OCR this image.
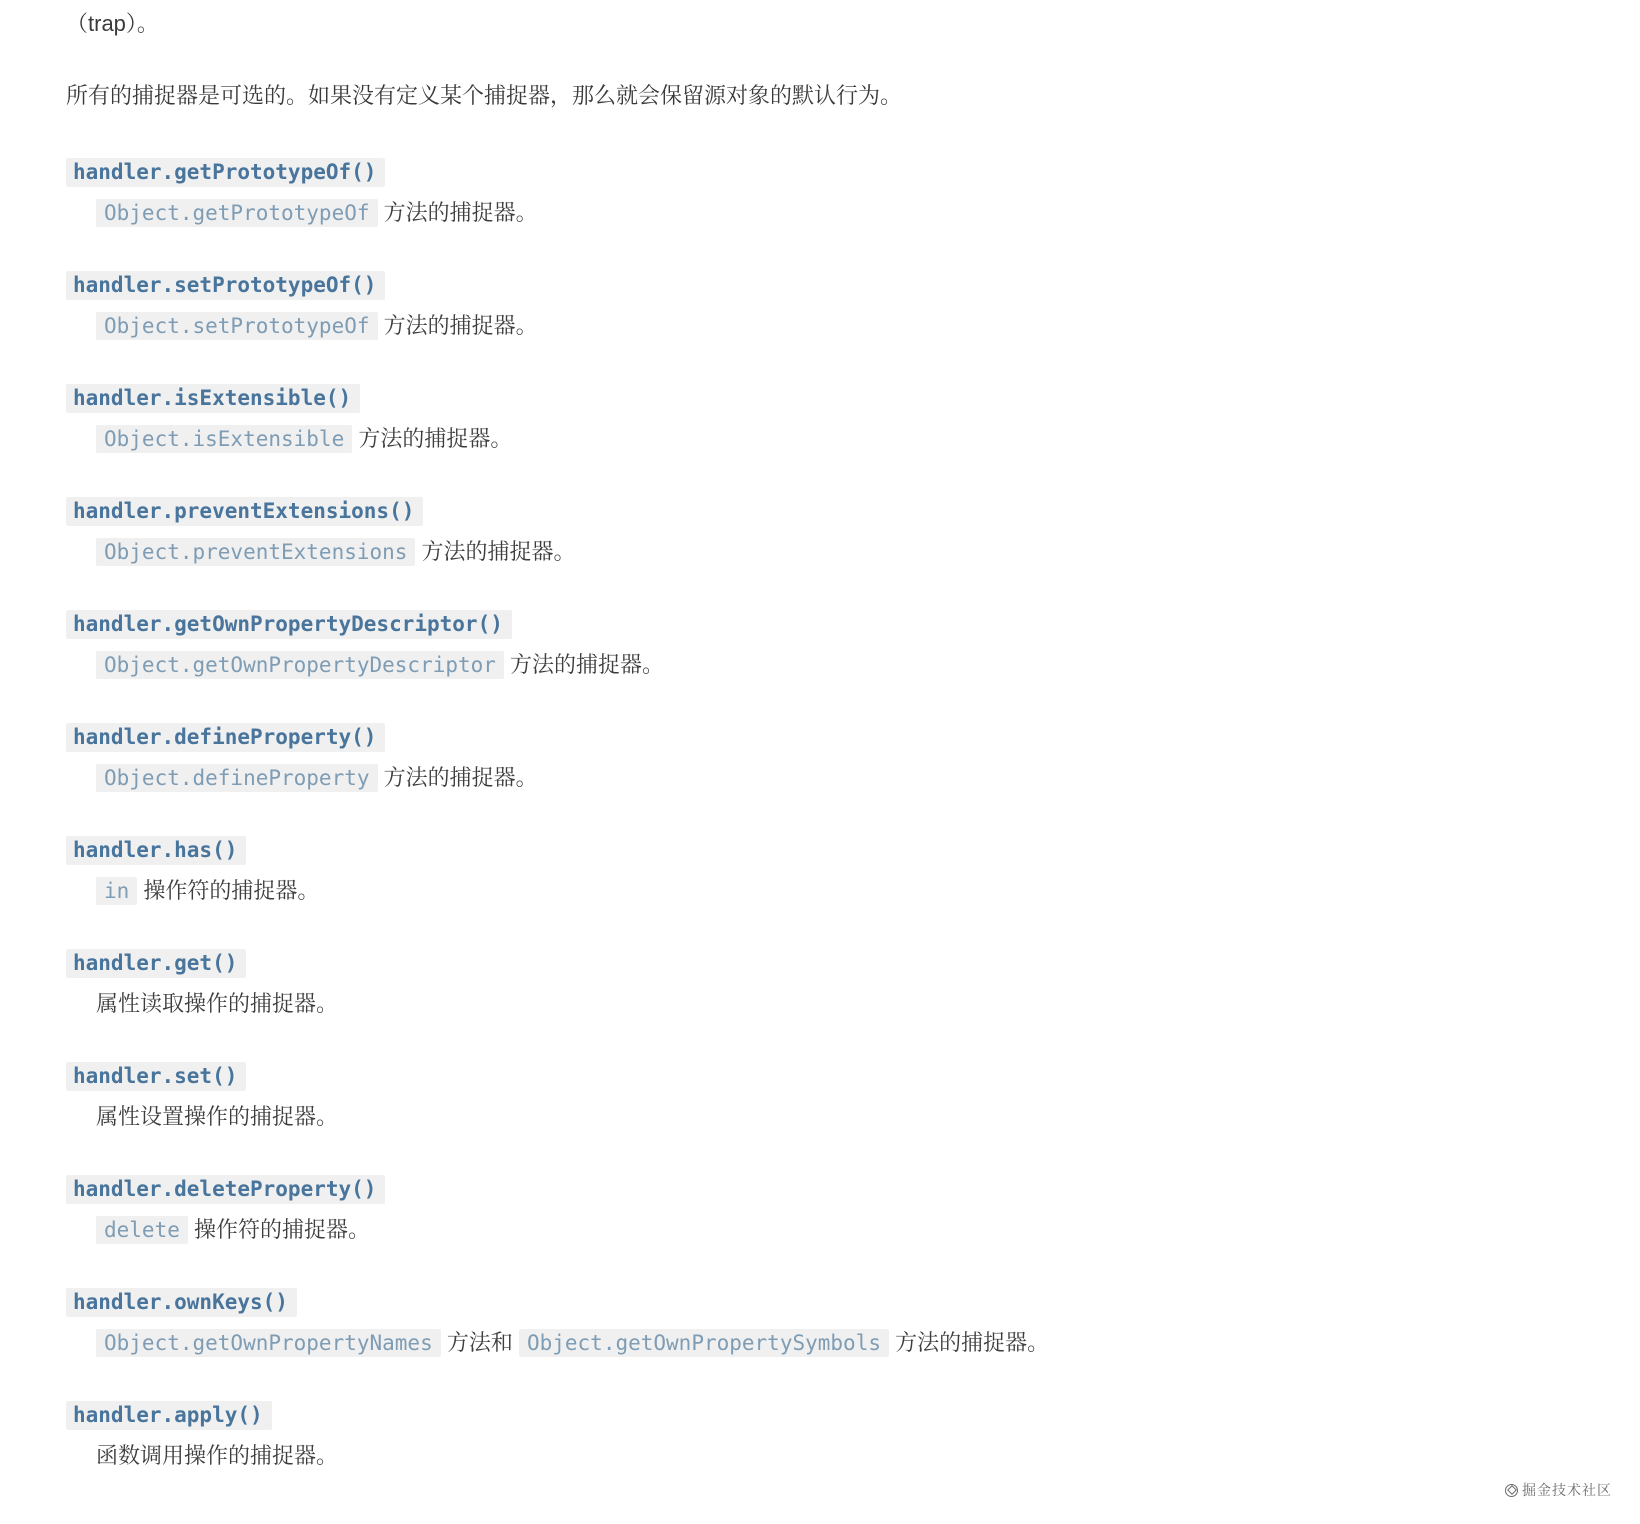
（trap）。

所有的捕捉器是可选的。如果没有定义某个捕捉器，那么就会保留源对象的默认行为。

handler.getPrototypeOf()
Object.getPrototypeOf 方法的捕捉器。
handler.setPrototypeOf()
Object.setPrototypeOf 方法的捕捉器。
handler.isExtensible()
Object.isExtensible 方法的捕捉器。
handler.preventExtensions()
Object.preventExtensions 方法的捕捉器。
handler.getOwnPropertyDescriptor()
Object.getOwnPropertyDescriptor 方法的捕捉器。
handler.defineProperty()
Object.defineProperty 方法的捕捉器。
handler.has()
in 操作符的捕捉器。
handler.get()
属性读取操作的捕捉器。
handler.set()
属性设置操作的捕捉器。
handler.deleteProperty()
delete 操作符的捕捉器。
handler.ownKeys()
Object.getOwnPropertyNames 方法和 Object.getOwnPropertySymbols 方法的捕捉器。
handler.apply()
函数调用操作的捕捉器。
掘金技术社区
